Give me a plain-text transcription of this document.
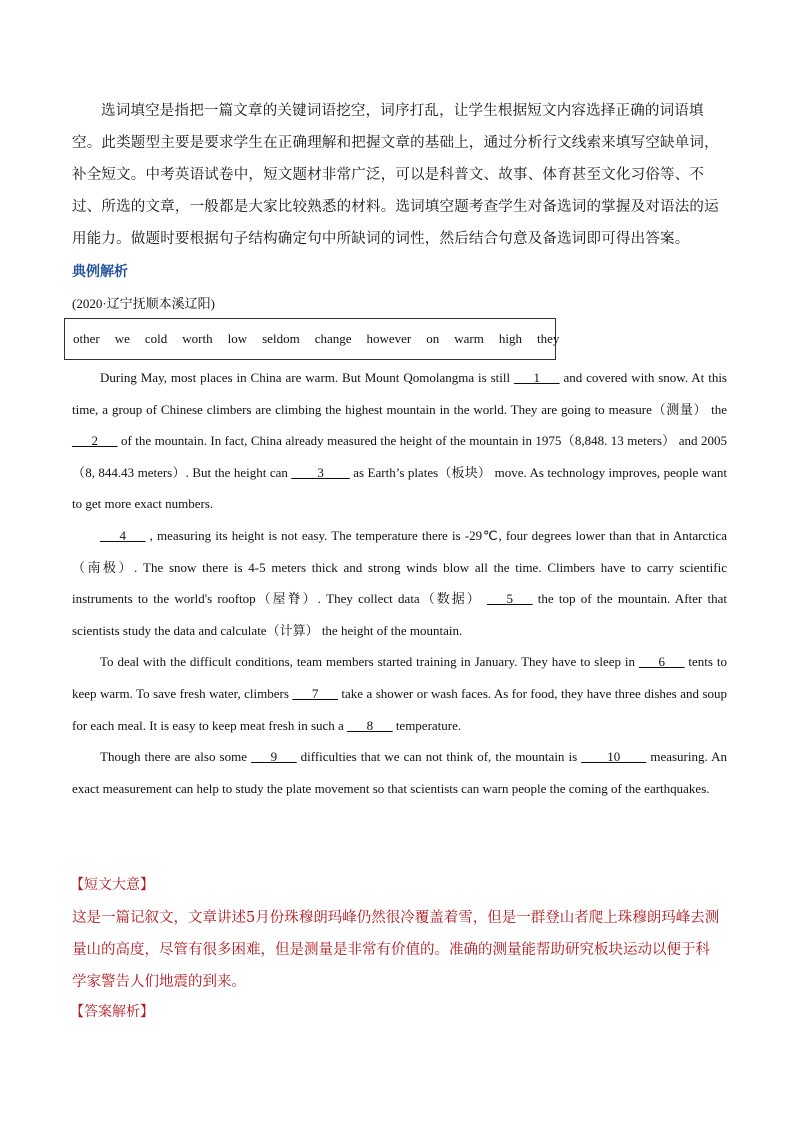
选词填空是指把一篇文章的关键词语挖空，词序打乱，让学生根据短文内容选择正确的词语填空。此类题型主要是要求学生在正确理解和把握文章的基础上，通过分析行文线索来填写空缺单词，补全短文。中考英语试卷中，短文题材非常广泛，可以是科普文、故事、体育甚至文化习俗等、不过、所选的文章，一般都是大家比较熟悉的材料。选词填空题考查学生对备选词的掌握及对语法的运用能力。做题时要根据句子结构确定句中所缺词的词性，然后结合句意及备选词即可得出答案。
典例解析
(2020·辽宁抚顺本溪辽阳)
other we cold worth low seldom change however on warm high they

During May, most places in China are warm. But Mount Qomolangma is still ___1___ and covered with snow. At this time, a group of Chinese climbers are climbing the highest mountain in the world. They are going to measure（测量） the ___2___ of the mountain. In fact, China already measured the height of the mountain in 1975（8,848. 13 meters） and 2005（8, 844.43 meters）. But the height can ____3____ as Earth’s plates（板块） move. As technology improves, people want to get more exact numbers.

___4___ , measuring its height is not easy. The temperature there is -29℃, four degrees lower than that in Antarctica（南极）. The snow there is 4-5 meters thick and strong winds blow all the time. Climbers have to carry scientific instruments to the world's rooftop（屋脊）. They collect data（数据） ___5___ the top of the mountain. After that scientists study the data and calculate（计算） the height of the mountain.

To deal with the difficult conditions, team members started training in January. They have to sleep in ___6___ tents to keep warm. To save fresh water, climbers ___7___ take a shower or wash faces. As for food, they have three dishes and soup for each meal. It is easy to keep meat fresh in such a ___8___ temperature.

Though there are also some ___9___ difficulties that we can not think of, the mountain is ____10____ measuring. An exact measurement can help to study the plate movement so that scientists can warn people the coming of the earthquakes.

【短文大意】
这是一篇记叙文，文章讲述5月份珠穆朗玛峰仍然很冷覆盖着雪，但是一群登山者爬上珠穆朗玛峰去测量山的高度，尽管有很多困难，但是测量是非常有价值的。准确的测量能帮助研究板块运动以便于科学家警告人们地震的到来。
【答案解析】
